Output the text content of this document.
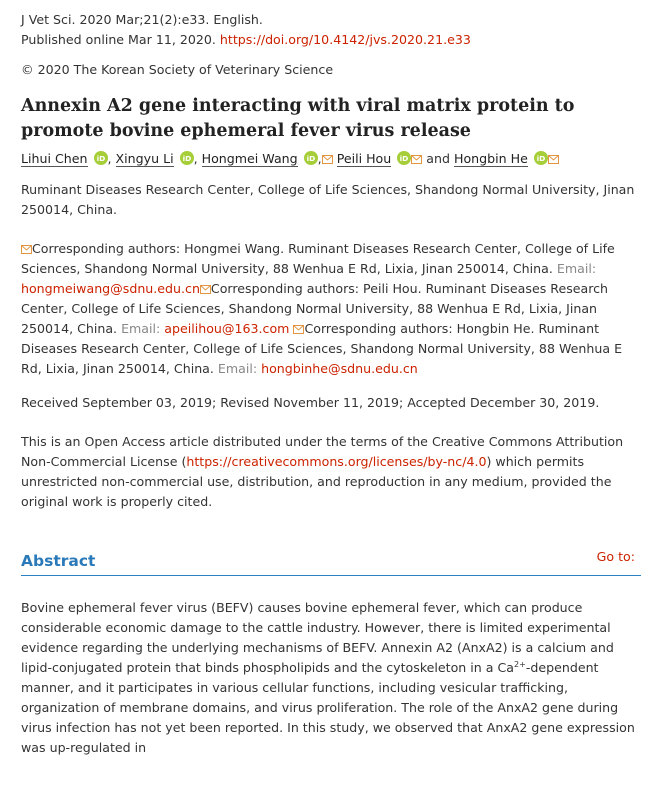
J Vet Sci. 2020 Mar;21(2):e33. English.
Published online Mar 11, 2020. https://doi.org/10.4142/jvs.2020.21.e33
© 2020 The Korean Society of Veterinary Science
Annexin A2 gene interacting with viral matrix protein to promote bovine ephemeral fever virus release
Lihui Chen iD , Xingyu Li iD , Hongmei Wang iD , Peili Hou iD and Hongbin He iD
Ruminant Diseases Research Center, College of Life Sciences, Shandong Normal University, Jinan 250014, China.
Corresponding authors: Hongmei Wang. Ruminant Diseases Research Center, College of Life Sciences, Shandong Normal University, 88 Wenhua E Rd, Lixia, Jinan 250014, China. Email: hongmeiwang@sdnu.edu.cn Corresponding authors: Peili Hou. Ruminant Diseases Research Center, College of Life Sciences, Shandong Normal University, 88 Wenhua E Rd, Lixia, Jinan 250014, China. Email: apeilihou@163.com Corresponding authors: Hongbin He. Ruminant Diseases Research Center, College of Life Sciences, Shandong Normal University, 88 Wenhua E Rd, Lixia, Jinan 250014, China. Email: hongbinhe@sdnu.edu.cn
Received September 03, 2019; Revised November 11, 2019; Accepted December 30, 2019.
This is an Open Access article distributed under the terms of the Creative Commons Attribution Non-Commercial License (https://creativecommons.org/licenses/by-nc/4.0) which permits unrestricted non-commercial use, distribution, and reproduction in any medium, provided the original work is properly cited.
Abstract	Go to:
Bovine ephemeral fever virus (BEFV) causes bovine ephemeral fever, which can produce considerable economic damage to the cattle industry. However, there is limited experimental evidence regarding the underlying mechanisms of BEFV. Annexin A2 (AnxA2) is a calcium and lipid-conjugated protein that binds phospholipids and the cytoskeleton in a $Ca^{2+}$-dependent manner, and it participates in various cellular functions, including vesicular trafficking, organization of membrane domains, and virus proliferation. The role of the AnxA2 gene during virus infection has not yet been reported. In this study, we observed that AnxA2 gene expression was up-regulated in
